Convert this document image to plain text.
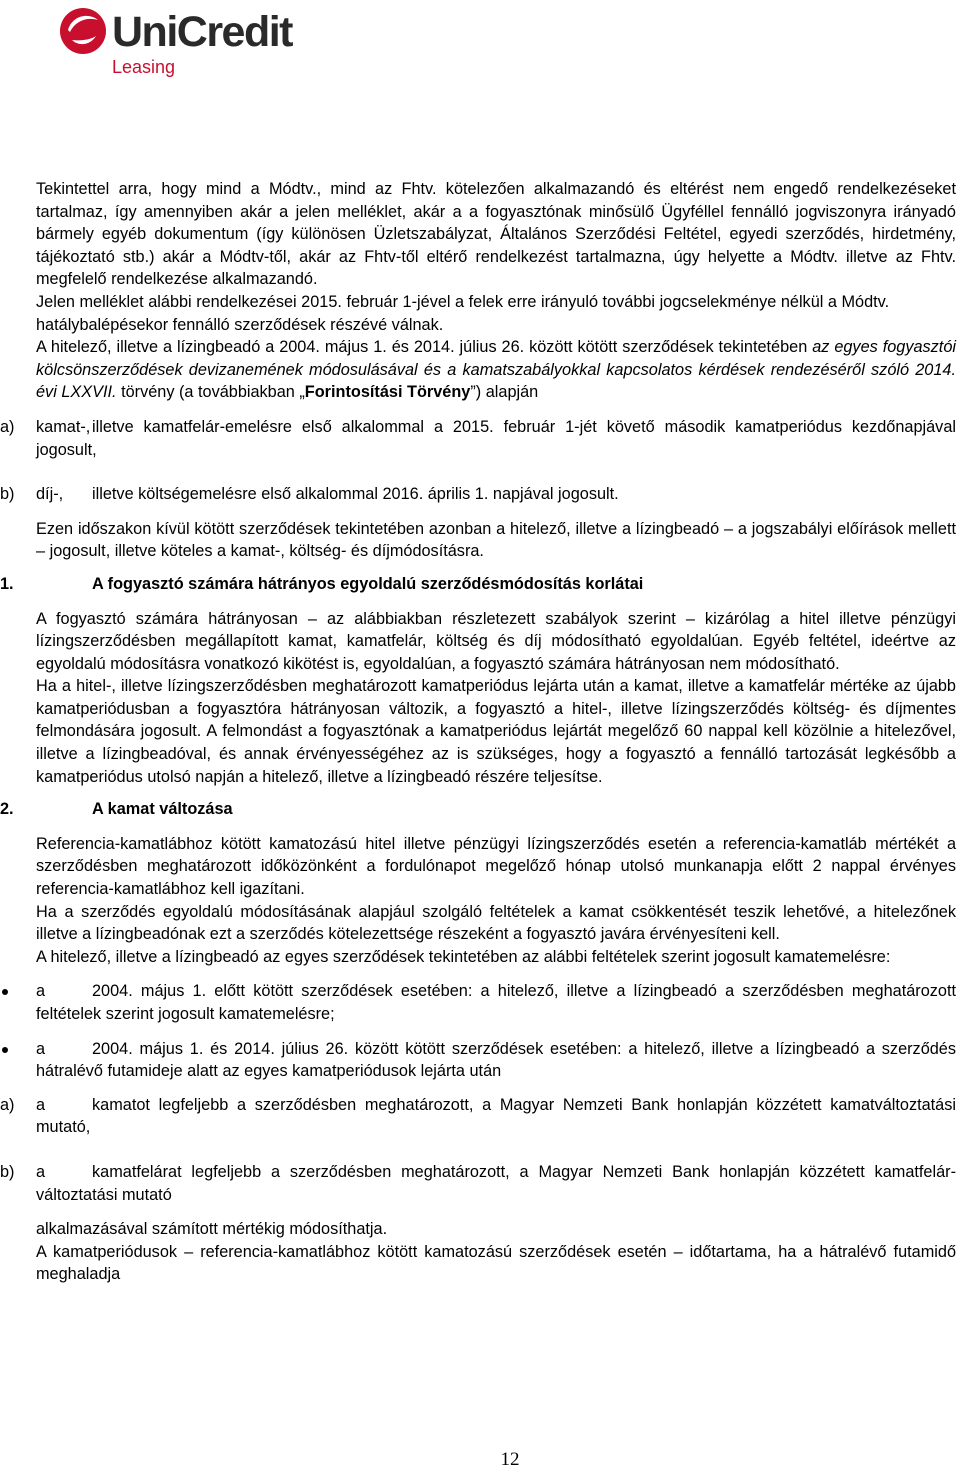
UniCredit
Leasing

Tekintettel arra, hogy mind a Módtv., mind az Fhtv. kötelezően alkalmazandó és eltérést nem engedő rendelkezéseket tartalmaz, így amennyiben akár a jelen melléklet, akár a a fogyasztónak minősülő Ügyféllel fennálló jogviszonyra irányadó bármely egyéb dokumentum (így különösen Üzletszabályzat, Általános Szerződési Feltétel, egyedi szerződés, hirdetmény, tájékoztató stb.) akár a Módtv-től, akár az Fhtv-től eltérő rendelkezést tartalmazna, úgy helyette a Módtv. illetve az Fhtv. megfelelő rendelkezése alkalmazandó.

Jelen melléklet alábbi rendelkezései 2015. február 1-jével a felek erre irányuló további jogcselekménye nélkül a Módtv. hatálybalépésekor fennálló szerződések részévé válnak.

A hitelező, illetve a lízingbeadó a 2004. május 1. és 2014. július 26. között kötött szerződések tekintetében az egyes fogyasztói kölcsönszerződések devizanemének módosulásával és a kamatszabályokkal kapcsolatos kérdések rendezéséről szóló 2014. évi LXXVII. törvény (a továbbiakban „Forintosítási Törvény”) alapján

a) kamat-, illetve kamatfelár-emelésre első alkalommal a 2015. február 1-jét követő második kamatperiódus kezdőnapjával jogosult,

b) díj-, illetve költségemelésre első alkalommal 2016. április 1. napjával jogosult.

Ezen időszakon kívül kötött szerződések tekintetében azonban a hitelező, illetve a lízingbeadó – a jogszabályi előírások mellett – jogosult, illetve köteles a kamat-, költség- és díjmódosításra.

1.	A fogyasztó számára hátrányos egyoldalú szerződésmódosítás korlátai

A fogyasztó számára hátrányosan – az alábbiakban részletezett szabályok szerint – kizárólag a hitel illetve pénzügyi lízingszerződésben megállapított kamat, kamatfelár, költség és díj módosítható egyoldalúan. Egyéb feltétel, ideértve az egyoldalú módosításra vonatkozó kikötést is, egyoldalúan, a fogyasztó számára hátrányosan nem módosítható.

Ha a hitel-, illetve lízingszerződésben meghatározott kamatperiódus lejárta után a kamat, illetve a kamatfelár mértéke az újabb kamatperiódusban a fogyasztóra hátrányosan változik, a fogyasztó a hitel-, illetve lízingszerződés költség- és díjmentes felmondására jogosult. A felmondást a fogyasztónak a kamatperiódus lejártát megelőző 60 nappal kell közölnie a hitelezővel, illetve a lízingbeadóval, és annak érvényességéhez az is szükséges, hogy a fogyasztó a fennálló tartozását legkésőbb a kamatperiódus utolsó napján a hitelező, illetve a lízingbeadó részére teljesítse.

2.	A kamat változása

Referencia-kamatlábhoz kötött kamatozású hitel illetve pénzügyi lízingszerződés esetén a referencia-kamatláb mértékét a szerződésben meghatározott időközönként a fordulónapot megelőző hónap utolsó munkanapja előtt 2 nappal érvényes referencia-kamatlábhoz kell igazítani.

Ha a szerződés egyoldalú módosításának alapjául szolgáló feltételek a kamat csökkentését teszik lehetővé, a hitelezőnek illetve a lízingbeadónak ezt a szerződés kötelezettsége részeként a fogyasztó javára érvényesíteni kell.

A hitelező, illetve a lízingbeadó az egyes szerződések tekintetében az alábbi feltételek szerint jogosult kamatemelésre:

a	2004. május 1. előtt kötött szerződések esetében: a hitelező, illetve a lízingbeadó a szerződésben meghatározott feltételek szerint jogosult kamatemelésre;

a	2004. május 1. és 2014. július 26. között kötött szerződések esetében: a hitelező, illetve a lízingbeadó a szerződés hátralévő futamideje alatt az egyes kamatperiódusok lejárta után

a) a	kamatot legfeljebb a szerződésben meghatározott, a Magyar Nemzeti Bank honlapján közzétett kamatváltoztatási mutató,

b) a	kamatfelárat legfeljebb a szerződésben meghatározott, a Magyar Nemzeti Bank honlapján közzétett kamatfelár-változtatási mutató

alkalmazásával számított mértékig módosíthatja.

A kamatperiódusok – referencia-kamatlábhoz kötött kamatozású szerződések esetén – időtartama, ha a hátralévő futamidő meghaladja

12
